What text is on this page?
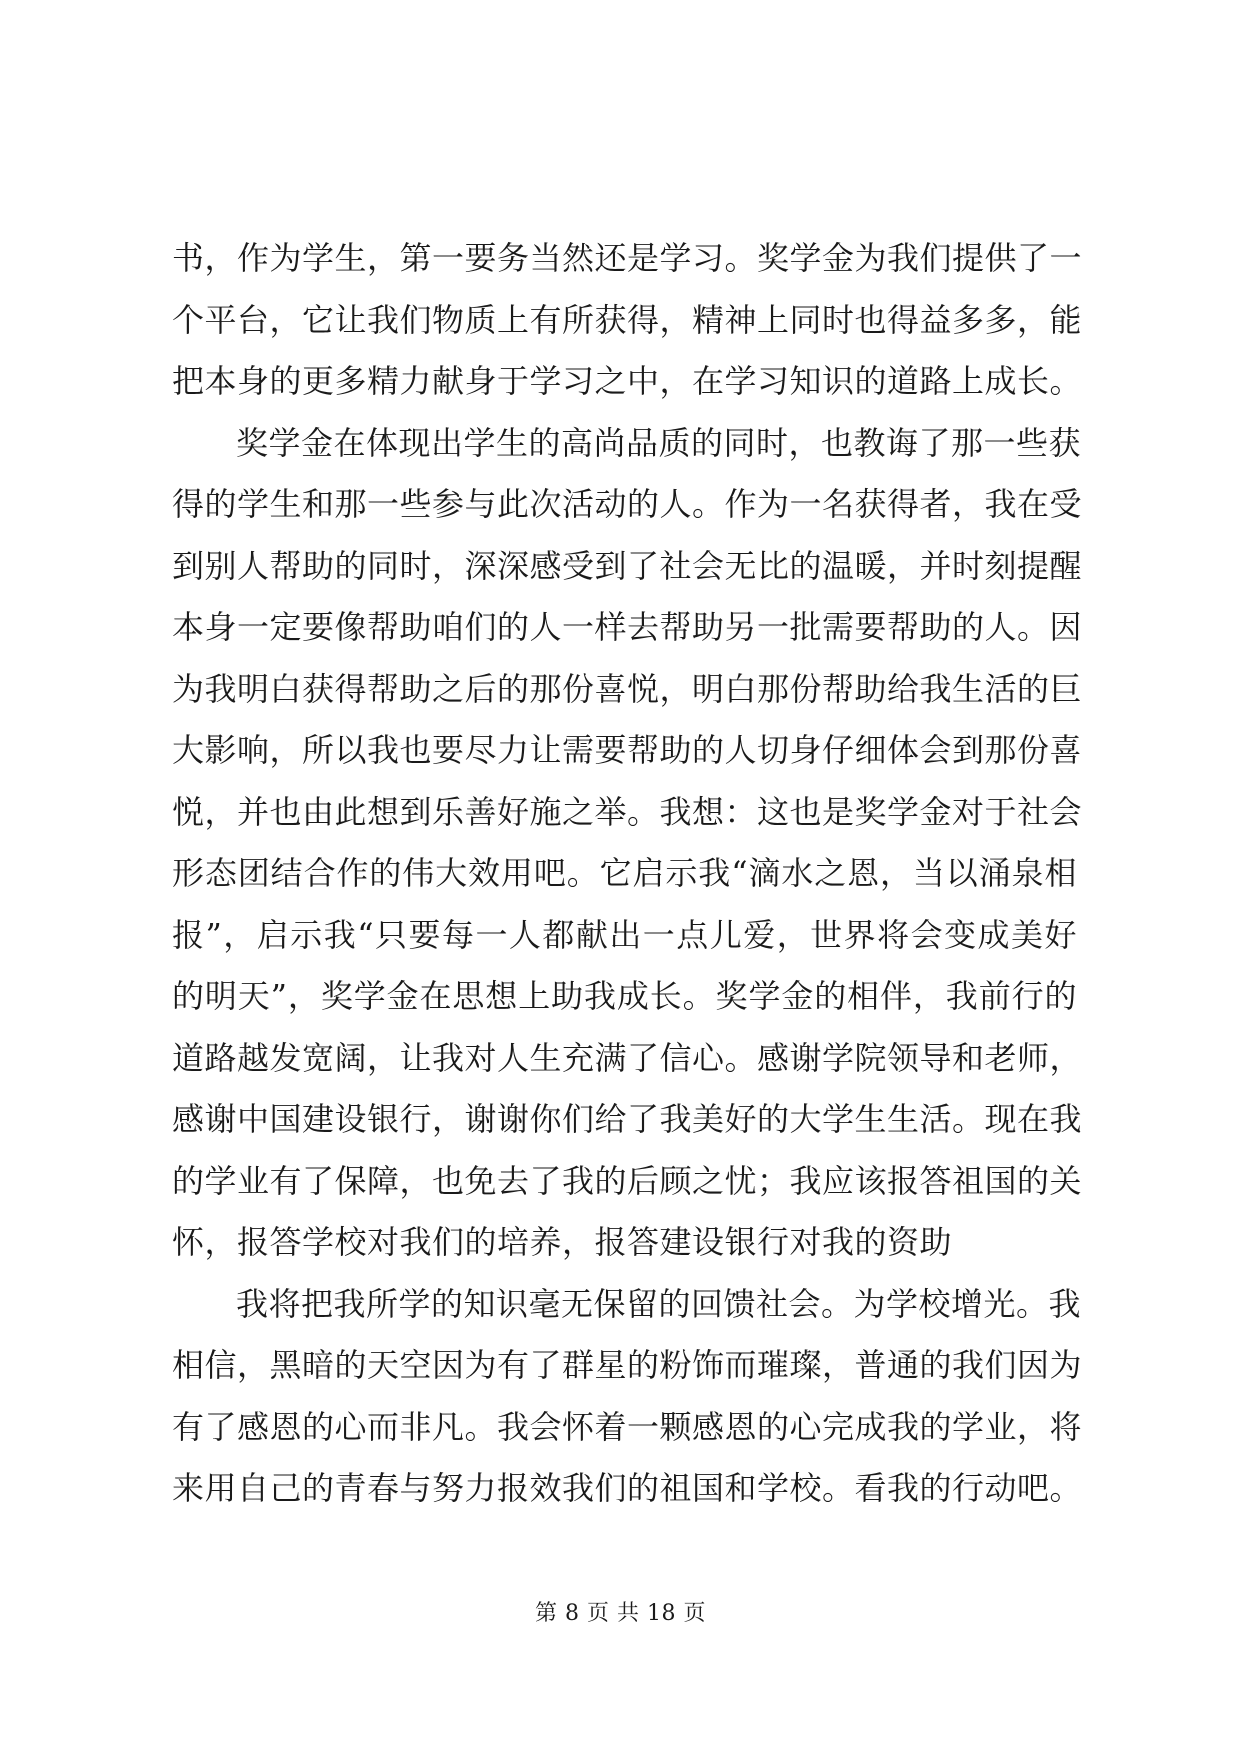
书，作为学生，第一要务当然还是学习。奖学金为我们提供了一
个平台，它让我们物质上有所获得，精神上同时也得益多多，能
把本身的更多精力献身于学习之中，在学习知识的道路上成长。
奖学金在体现出学生的高尚品质的同时，也教诲了那一些获
得的学生和那一些参与此次活动的人。作为一名获得者，我在受
到别人帮助的同时，深深感受到了社会无比的温暖，并时刻提醒
本身一定要像帮助咱们的人一样去帮助另一批需要帮助的人。因
为我明白获得帮助之后的那份喜悦，明白那份帮助给我生活的巨
大影响，所以我也要尽力让需要帮助的人切身仔细体会到那份喜
悦，并也由此想到乐善好施之举。我想：这也是奖学金对于社会
形态团结合作的伟大效用吧。它启示我“滴水之恩，当以涌泉相
报”，启示我“只要每一人都献出一点儿爱，世界将会变成美好
的明天”，奖学金在思想上助我成长。奖学金的相伴，我前行的
道路越发宽阔，让我对人生充满了信心。感谢学院领导和老师，
感谢中国建设银行，谢谢你们给了我美好的大学生生活。现在我
的学业有了保障，也免去了我的后顾之忧；我应该报答祖国的关
怀，报答学校对我们的培养，报答建设银行对我的资助
我将把我所学的知识毫无保留的回馈社会。为学校增光。我
相信，黑暗的天空因为有了群星的粉饰而璀璨，普通的我们因为
有了感恩的心而非凡。我会怀着一颗感恩的心完成我的学业，将
来用自己的青春与努力报效我们的祖国和学校。看我的行动吧。
第 8 页 共 18 页
